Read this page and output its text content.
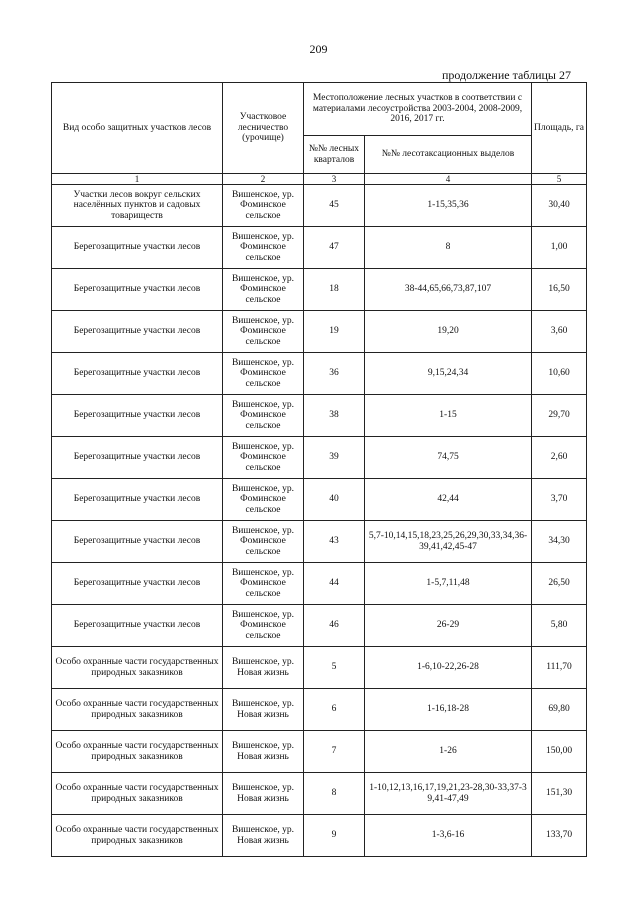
209
продолжение таблицы 27
Вид особо защитных участков лесов	Участковое лесничество (урочище)	Местоположение лесных участков в соответствии с материалами лесоустройства 2003-2004, 2008-2009, 2016, 2017 гг.		Площадь, га
		№№ лесных кварталов	№№ лесотаксационных выделов	
1	2	3	4	5
Участки лесов вокруг сельских населённых пунктов и садовых товариществ	Вишенское, ур. Фоминское сельское	45	1-15,35,36	30,40
Берегозащитные участки лесов	Вишенское, ур. Фоминское сельское	47	8	1,00
Берегозащитные участки лесов	Вишенское, ур. Фоминское сельское	18	38-44,65,66,73,87,107	16,50
Берегозащитные участки лесов	Вишенское, ур. Фоминское сельское	19	19,20	3,60
Берегозащитные участки лесов	Вишенское, ур. Фоминское сельское	36	9,15,24,34	10,60
Берегозащитные участки лесов	Вишенское, ур. Фоминское сельское	38	1-15	29,70
Берегозащитные участки лесов	Вишенское, ур. Фоминское сельское	39	74,75	2,60
Берегозащитные участки лесов	Вишенское, ур. Фоминское сельское	40	42,44	3,70
Берегозащитные участки лесов	Вишенское, ур. Фоминское сельское	43	5,7-10,14,15,18,23,25,26,29,30,33,34,36-39,41,42,45-47	34,30
Берегозащитные участки лесов	Вишенское, ур. Фоминское сельское	44	1-5,7,11,48	26,50
Берегозащитные участки лесов	Вишенское, ур. Фоминское сельское	46	26-29	5,80
Особо охранные части государственных природных заказников	Вишенское, ур. Новая жизнь	5	1-6,10-22,26-28	111,70
Особо охранные части государственных природных заказников	Вишенское, ур. Новая жизнь	6	1-16,18-28	69,80
Особо охранные части государственных природных заказников	Вишенское, ур. Новая жизнь	7	1-26	150,00
Особо охранные части государственных природных заказников	Вишенское, ур. Новая жизнь	8	1-10,12,13,16,17,19,21,23-28,30-33,37-39,41-47,49	151,30
Особо охранные части государственных природных заказников	Вишенское, ур. Новая жизнь	9	1-3,6-16	133,70
